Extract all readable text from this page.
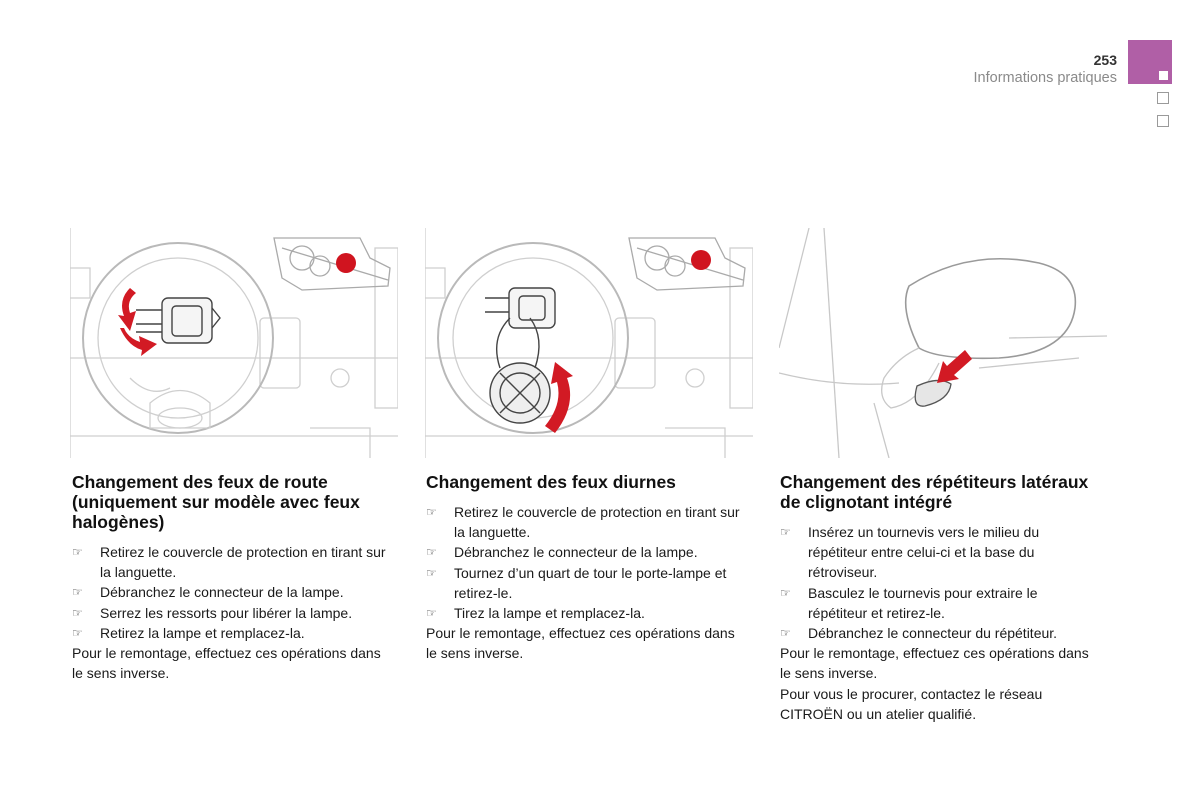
253
Informations pratiques
Changement des feux de route (uniquement sur modèle avec feux halogènes)
☞ Retirez le couvercle de protection en tirant sur la languette.
☞ Débranchez le connecteur de la lampe.
☞ Serrez les ressorts pour libérer la lampe.
☞ Retirez la lampe et remplacez-la.
Pour le remontage, effectuez ces opérations dans le sens inverse.
Changement des feux diurnes
☞ Retirez le couvercle de protection en tirant sur la languette.
☞ Débranchez le connecteur de la lampe.
☞ Tournez d’un quart de tour le porte-lampe et retirez-le.
☞ Tirez la lampe et remplacez-la.
Pour le remontage, effectuez ces opérations dans le sens inverse.
Changement des répétiteurs latéraux de clignotant intégré
☞ Insérez un tournevis vers le milieu du répétiteur entre celui-ci et la base du rétroviseur.
☞ Basculez le tournevis pour extraire le répétiteur et retirez-le.
☞ Débranchez le connecteur du répétiteur.
Pour le remontage, effectuez ces opérations dans le sens inverse.
Pour vous le procurer, contactez le réseau CITROËN ou un atelier qualifié.
